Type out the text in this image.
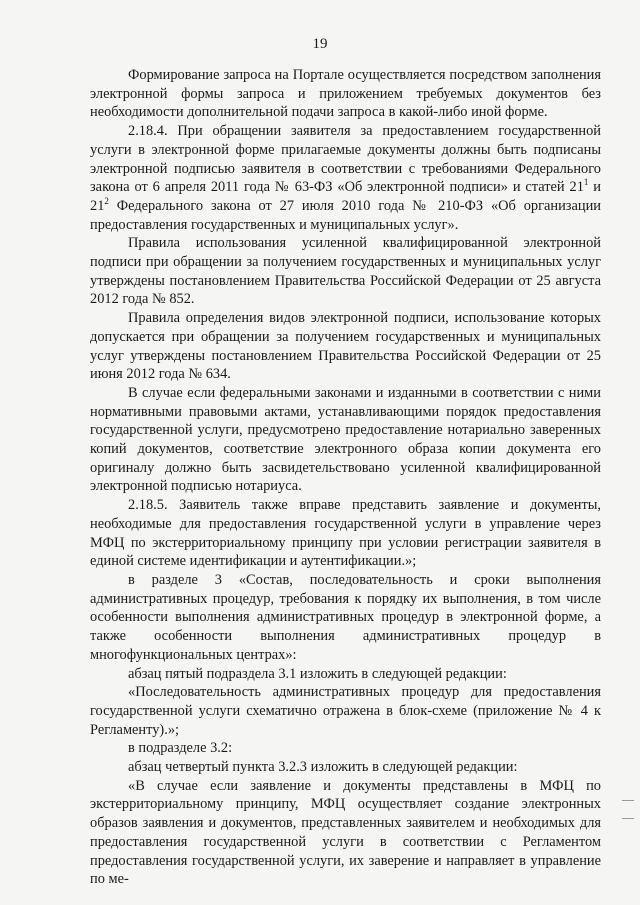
19

Формирование запроса на Портале осуществляется посредством заполнения электронной формы запроса и приложением требуемых документов без необходимости дополнительной подачи запроса в какой-либо иной форме.

2.18.4. При обращении заявителя за предоставлением государственной услуги в электронной форме прилагаемые документы должны быть подписаны электронной подписью заявителя в соответствии с требованиями Федерального закона от 6 апреля 2011 года № 63-ФЗ «Об электронной подписи» и статей $21^1$ и $21^2$ Федерального закона от 27 июля 2010 года № 210-ФЗ «Об организации предоставления государственных и муниципальных услуг».

Правила использования усиленной квалифицированной электронной подписи при обращении за получением государственных и муниципальных услуг утверждены постановлением Правительства Российской Федерации от 25 августа 2012 года № 852.

Правила определения видов электронной подписи, использование которых допускается при обращении за получением государственных и муниципальных услуг утверждены постановлением Правительства Российской Федерации от 25 июня 2012 года № 634.

В случае если федеральными законами и изданными в соответствии с ними нормативными правовыми актами, устанавливающими порядок предоставления государственной услуги, предусмотрено предоставление нотариально заверенных копий документов, соответствие электронного образа копии документа его оригиналу должно быть засвидетельствовано усиленной квалифицированной электронной подписью нотариуса.

2.18.5. Заявитель также вправе представить заявление и документы, необходимые для предоставления государственной услуги в управление через МФЦ по экстерриториальному принципу при условии регистрации заявителя в единой системе идентификации и аутентификации.»;

в разделе 3 «Состав, последовательность и сроки выполнения административных процедур, требования к порядку их выполнения, в том числе особенности выполнения административных процедур в электронной форме, а также особенности выполнения административных процедур в многофункциональных центрах»:

абзац пятый подраздела 3.1 изложить в следующей редакции:

«Последовательность административных процедур для предоставления государственной услуги схематично отражена в блок-схеме (приложение № 4 к Регламенту).»;

в подразделе 3.2:

абзац четвертый пункта 3.2.3 изложить в следующей редакции:

«В случае если заявление и документы представлены в МФЦ по экстерриториальному принципу, МФЦ осуществляет создание электронных образов заявления и документов, представленных заявителем и необходимых для предоставления государственной услуги в соответствии с Регламентом предоставления государственной услуги, их заверение и направляет в управление по ме-
